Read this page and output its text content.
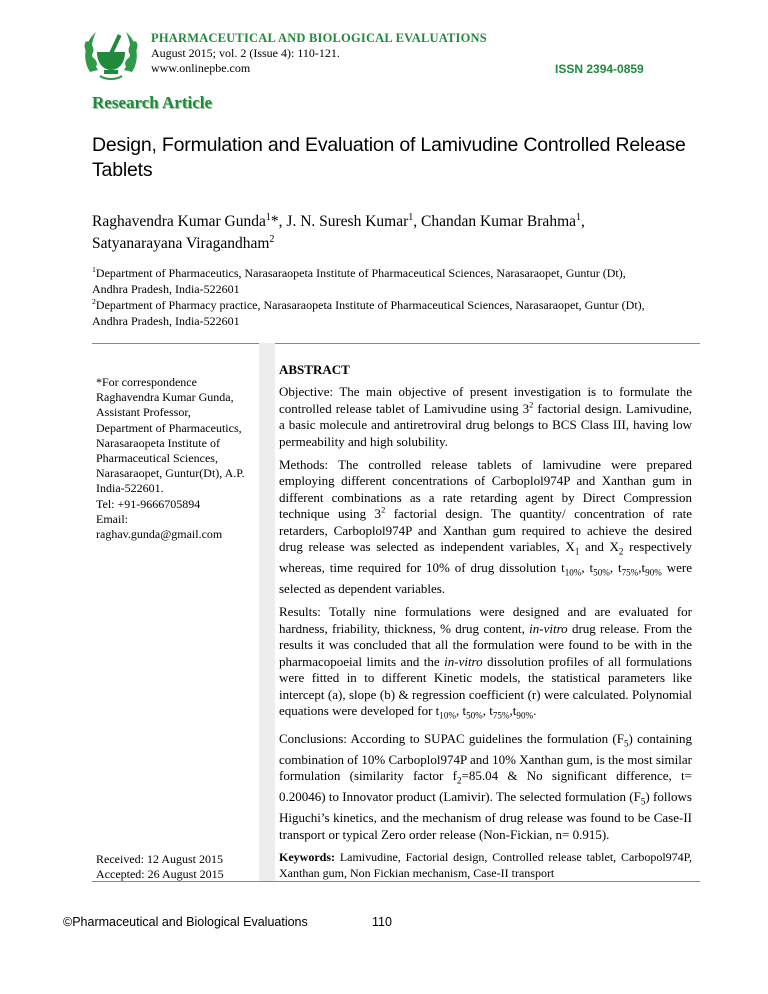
PHARMACEUTICAL AND BIOLOGICAL EVALUATIONS
August 2015; vol. 2 (Issue 4): 110-121.
www.onlinepbe.com	ISSN 2394-0859
Research Article
Design, Formulation and Evaluation of Lamivudine Controlled Release Tablets
Raghavendra Kumar Gunda$^1$*, J. N. Suresh Kumar$^1$, Chandan Kumar Brahma$^1$,
Satyanarayana Viragandham$^2$
$^1$Department of Pharmaceutics, Narasaraopeta Institute of Pharmaceutical Sciences, Narasaraopet, Guntur (Dt),
Andhra Pradesh, India-522601
$^2$Department of Pharmacy practice, Narasaraopeta Institute of Pharmaceutical Sciences, Narasaraopet, Guntur (Dt),
Andhra Pradesh, India-522601
*For correspondence
Raghavendra Kumar Gunda,
Assistant Professor,
Department of Pharmaceutics,
Narasaraopeta Institute of
Pharmaceutical Sciences,
Narasaraopet, Guntur(Dt), A.P.
India-522601.
Tel: +91-9666705894
Email:
raghav.gunda@gmail.com
Received: 12 August 2015
Accepted: 26 August 2015
ABSTRACT

Objective: The main objective of present investigation is to formulate the controlled release tablet of Lamivudine using $3^2$ factorial design. Lamivudine, a basic molecule and antiretroviral drug belongs to BCS Class III, having low permeability and high solubility.

Methods: The controlled release tablets of lamivudine were prepared employing different concentrations of Carboplol974P and Xanthan gum in different combinations as a rate retarding agent by Direct Compression technique using $3^2$ factorial design. The quantity/ concentration of rate retarders, Carboplol974P and Xanthan gum required to achieve the desired drug release was selected as independent variables, $X_1$ and $X_2$ respectively whereas, time required for 10% of drug dissolution $t_{10\%}$, $t_{50\%}$, $t_{75\%},t_{90\%}$ were selected as dependent variables.

Results: Totally nine formulations were designed and are evaluated for hardness, friability, thickness, % drug content, in-vitro drug release. From the results it was concluded that all the formulation were found to be with in the pharmacopoeial limits and the in-vitro dissolution profiles of all formulations were fitted in to different Kinetic models, the statistical parameters like intercept (a), slope (b) & regression coefficient (r) were calculated. Polynomial equations were developed for $t_{10\%}$, $t_{50\%}$, $t_{75\%},t_{90\%}$.

Conclusions: According to SUPAC guidelines the formulation $(F_5)$ containing combination of 10% Carboplol974P and 10% Xanthan gum, is the most similar formulation (similarity factor $f_2=85.04$ & No significant difference, t= 0.20046) to Innovator product (Lamivir). The selected formulation $(F_5)$ follows Higuchi’s kinetics, and the mechanism of drug release was found to be Case-II transport or typical Zero order release (Non-Fickian, n= 0.915).

Keywords: Lamivudine, Factorial design, Controlled release tablet, Carbopol974P, Xanthan gum, Non Fickian mechanism, Case-II transport

©Pharmaceutical and Biological Evaluations	110
